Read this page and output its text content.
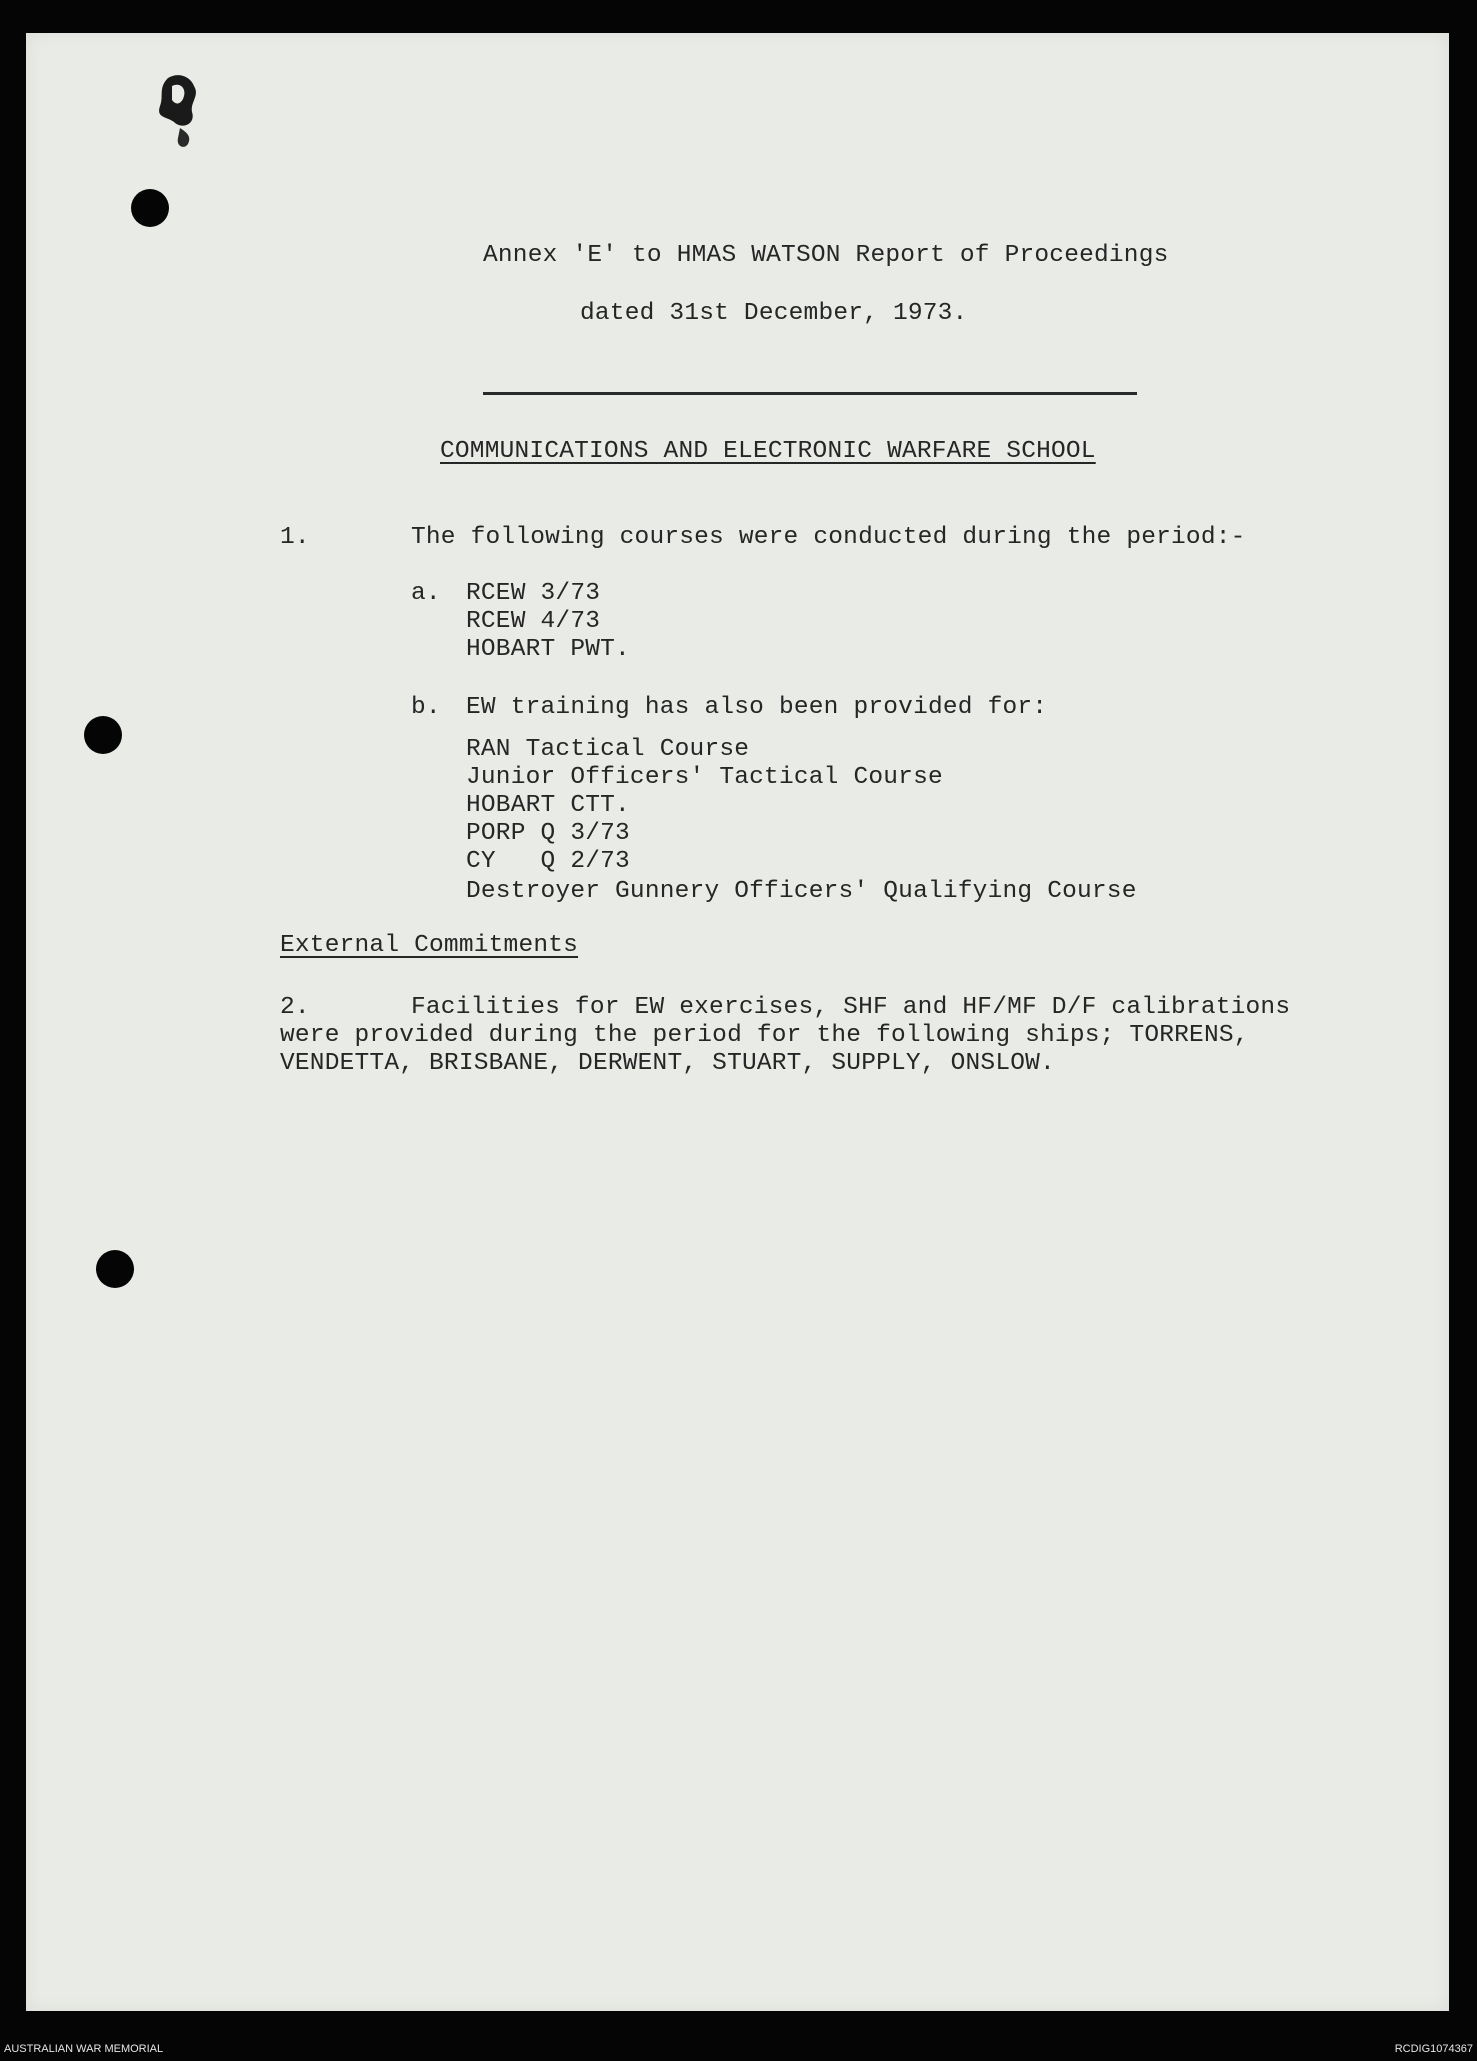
Annex 'E' to HMAS WATSON Report of Proceedings
dated 31st December, 1973.
COMMUNICATIONS AND ELECTRONIC WARFARE SCHOOL
1.	The following courses were conducted during the period:-
a. RCEW 3/73
RCEW 4/73
HOBART PWT.
b. EW training has also been provided for:
RAN Tactical Course
Junior Officers' Tactical Course
HOBART CTT.
PORP Q 3/73
CY   Q 2/73
Destroyer Gunnery Officers' Qualifying Course
External Commitments
2.	Facilities for EW exercises, SHF and HF/MF D/F calibrations
were provided during the period for the following ships; TORRENS,
VENDETTA, BRISBANE, DERWENT, STUART, SUPPLY, ONSLOW.
AUSTRALIAN WAR MEMORIAL	RCDIG1074367
